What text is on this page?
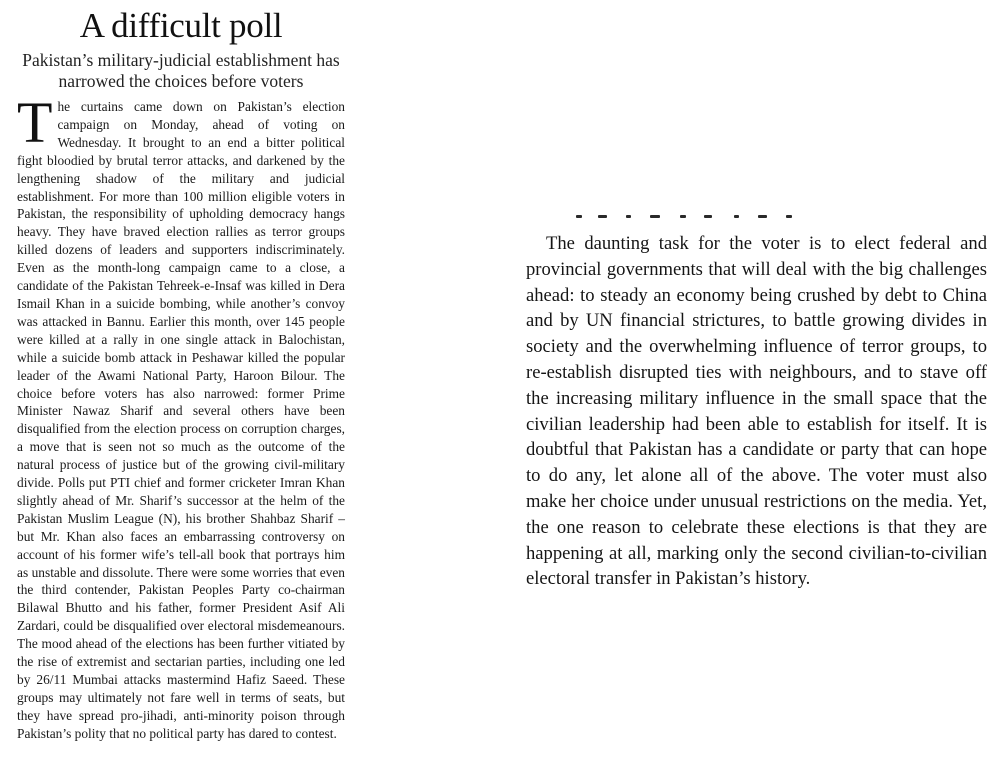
A difficult poll

Pakistan’s military-judicial establishment has narrowed the choices before voters

The curtains came down on Pakistan’s election campaign on Monday, ahead of voting on Wednesday. It brought to an end a bitter political fight bloodied by brutal terror attacks, and darkened by the lengthening shadow of the military and judicial establishment. For more than 100 million eligible voters in Pakistan, the responsibility of upholding democracy hangs heavy. They have braved election rallies as terror groups killed dozens of leaders and supporters indiscriminately. Even as the month-long campaign came to a close, a candidate of the Pakistan Tehreek-e-Insaf was killed in Dera Ismail Khan in a suicide bombing, while another’s convoy was attacked in Bannu. Earlier this month, over 145 people were killed at a rally in one single attack in Balochistan, while a suicide bomb attack in Peshawar killed the popular leader of the Awami National Party, Haroon Bilour. The choice before voters has also narrowed: former Prime Minister Nawaz Sharif and several others have been disqualified from the election process on corruption charges, a move that is seen not so much as the outcome of the natural process of justice but of the growing civil-military divide. Polls put PTI chief and former cricketer Imran Khan slightly ahead of Mr. Sharif’s successor at the helm of the Pakistan Muslim League (N), his brother Shahbaz Sharif – but Mr. Khan also faces an embarrassing controversy on account of his former wife’s tell-all book that portrays him as unstable and dissolute. There were some worries that even the third contender, Pakistan Peoples Party co-chairman Bilawal Bhutto and his father, former President Asif Ali Zardari, could be disqualified over electoral misdemeanours. The mood ahead of the elections has been further vitiated by the rise of extremist and sectarian parties, including one led by 26/11 Mumbai attacks mastermind Hafiz Saeed. These groups may ultimately not fare well in terms of seats, but they have spread pro-jihadi, anti-minority poison through Pakistan’s polity that no political party has dared to contest.

The daunting task for the voter is to elect federal and provincial governments that will deal with the big challenges ahead: to steady an economy being crushed by debt to China and by UN financial strictures, to battle growing divides in society and the overwhelming influence of terror groups, to re-establish disrupted ties with neighbours, and to stave off the increasing military influence in the small space that the civilian leadership had been able to establish for itself. It is doubtful that Pakistan has a candidate or party that can hope to do any, let alone all of the above. The voter must also make her choice under unusual restrictions on the media. Yet, the one reason to celebrate these elections is that they are happening at all, marking only the second civilian-to-civilian electoral transfer in Pakistan’s history.
